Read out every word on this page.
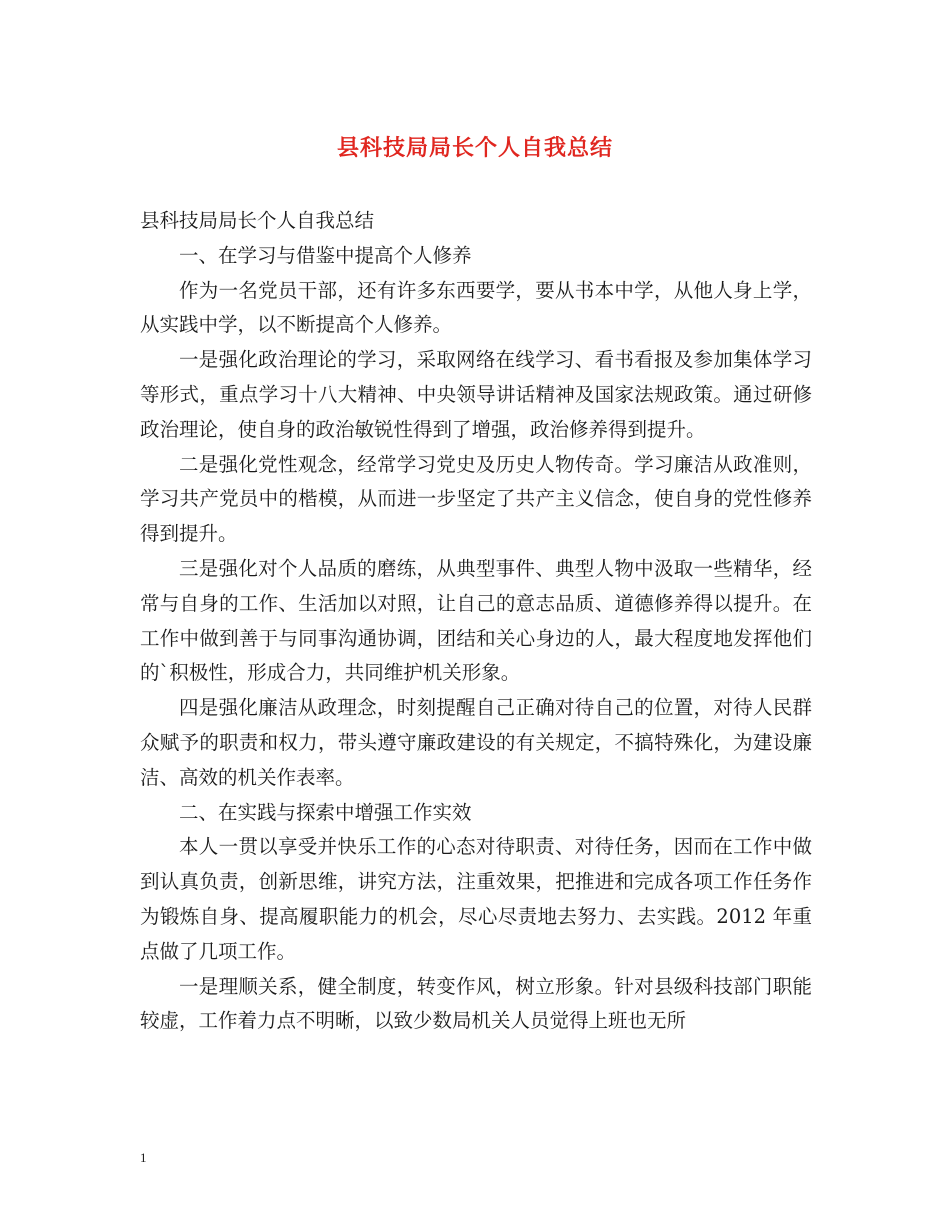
县科技局局长个人自我总结

县科技局局长个人自我总结

一、在学习与借鉴中提高个人修养

作为一名党员干部，还有许多东西要学，要从书本中学，从他人身上学，从实践中学，以不断提高个人修养。

一是强化政治理论的学习，采取网络在线学习、看书看报及参加集体学习等形式，重点学习十八大精神、中央领导讲话精神及国家法规政策。通过研修政治理论，使自身的政治敏锐性得到了增强，政治修养得到提升。

二是强化党性观念，经常学习党史及历史人物传奇。学习廉洁从政准则，学习共产党员中的楷模，从而进一步坚定了共产主义信念，使自身的党性修养得到提升。

三是强化对个人品质的磨练，从典型事件、典型人物中汲取一些精华，经常与自身的工作、生活加以对照，让自己的意志品质、道德修养得以提升。在工作中做到善于与同事沟通协调，团结和关心身边的人，最大程度地发挥他们的`积极性，形成合力，共同维护机关形象。

四是强化廉洁从政理念，时刻提醒自己正确对待自己的位置，对待人民群众赋予的职责和权力，带头遵守廉政建设的有关规定，不搞特殊化，为建设廉洁、高效的机关作表率。

二、在实践与探索中增强工作实效

本人一贯以享受并快乐工作的心态对待职责、对待任务，因而在工作中做到认真负责，创新思维，讲究方法，注重效果，把推进和完成各项工作任务作为锻炼自身、提高履职能力的机会，尽心尽责地去努力、去实践。2012 年重点做了几项工作。

一是理顺关系，健全制度，转变作风，树立形象。针对县级科技部门职能较虚，工作着力点不明晰，以致少数局机关人员觉得上班也无所

1
